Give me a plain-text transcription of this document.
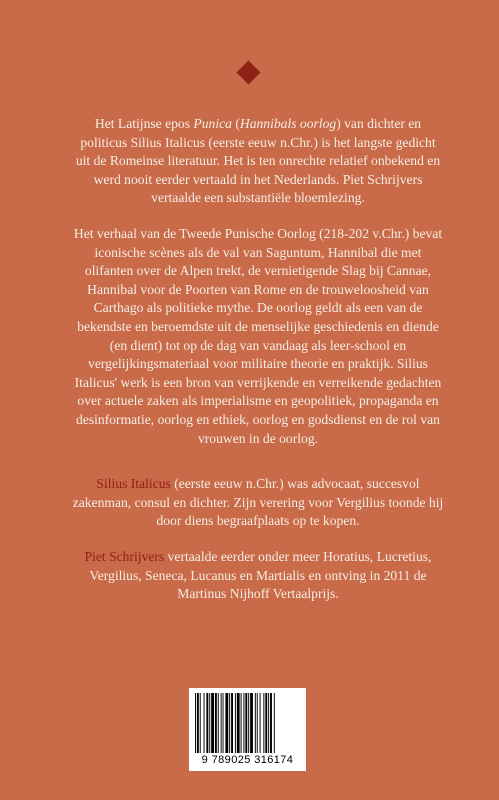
Het Latijnse epos Punica (Hannibals oorlog) van dichter en politicus Silius Italicus (eerste eeuw n.Chr.) is het langste gedicht uit de Romeinse literatuur. Het is ten onrechte relatief onbekend en werd nooit eerder vertaald in het Nederlands. Piet Schrijvers vertaalde een substantiële bloemlezing.

Het verhaal van de Tweede Punische Oorlog (218-202 v.Chr.) bevat iconische scènes als de val van Saguntum, Hannibal die met olifanten over de Alpen trekt, de vernietigende Slag bij Cannae, Hannibal voor de Poorten van Rome en de trouweloosheid van Carthago als politieke mythe. De oorlog geldt als een van de bekendste en beroemdste uit de menselijke geschiedenis en diende (en dient) tot op de dag van vandaag als leer-school en vergelijkingsmateriaal voor militaire theorie en praktijk. Silius Italicus' werk is een bron van verrijkende en verreikende gedachten over actuele zaken als imperialisme en geopolitiek, propaganda en desinformatie, oorlog en ethiek, oorlog en godsdienst en de rol van vrouwen in de oorlog.

Silius Italicus (eerste eeuw n.Chr.) was advocaat, succesvol zakenman, consul en dichter. Zijn verering voor Vergilius toonde hij door diens begraafplaats op te kopen.

Piet Schrijvers vertaalde eerder onder meer Horatius, Lucretius, Vergilius, Seneca, Lucanus en Martialis en ontving in 2011 de Martinus Nijhoff Vertaalprijs.

9 789025 316174
